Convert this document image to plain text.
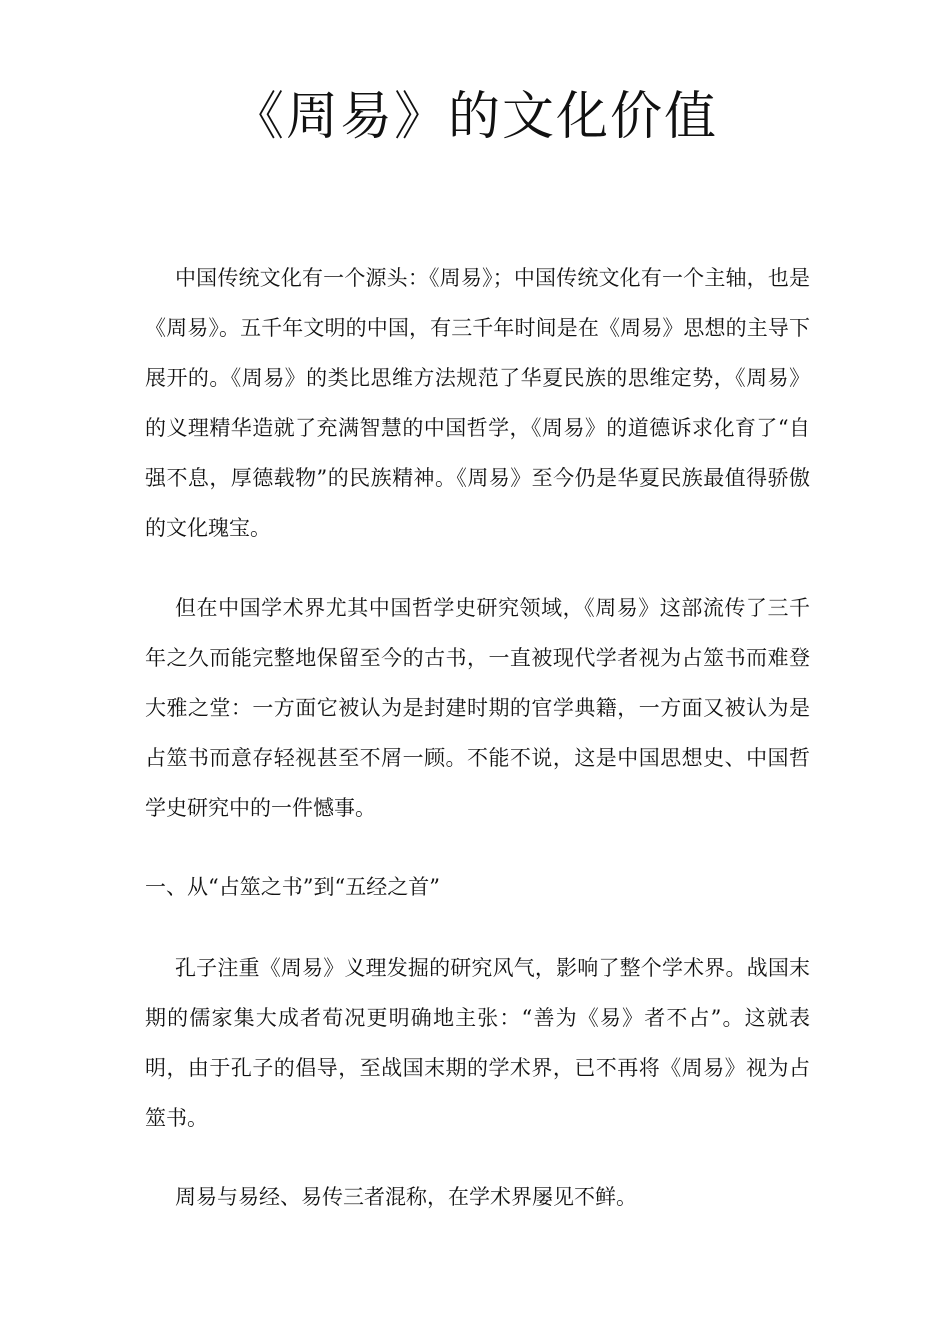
《周易》的文化价值

中国传统文化有一个源头：《周易》；中国传统文化有一个主轴，也是《周易》。五千年文明的中国，有三千年时间是在《周易》思想的主导下展开的。《周易》的类比思维方法规范了华夏民族的思维定势，《周易》的义理精华造就了充满智慧的中国哲学，《周易》的道德诉求化育了“自强不息，厚德载物”的民族精神。《周易》至今仍是华夏民族最值得骄傲的文化瑰宝。

但在中国学术界尤其中国哲学史研究领域，《周易》这部流传了三千年之久而能完整地保留至今的古书，一直被现代学者视为占筮书而难登大雅之堂：一方面它被认为是封建时期的官学典籍，一方面又被认为是占筮书而意存轻视甚至不屑一顾。不能不说，这是中国思想史、中国哲学史研究中的一件憾事。

一、从“占筮之书”到“五经之首”

孔子注重《周易》义理发掘的研究风气，影响了整个学术界。战国末期的儒家集大成者荀况更明确地主张：“善为《易》者不占”。这就表明，由于孔子的倡导，至战国末期的学术界，已不再将《周易》视为占筮书。

周易与易经、易传三者混称，在学术界屡见不鲜。
